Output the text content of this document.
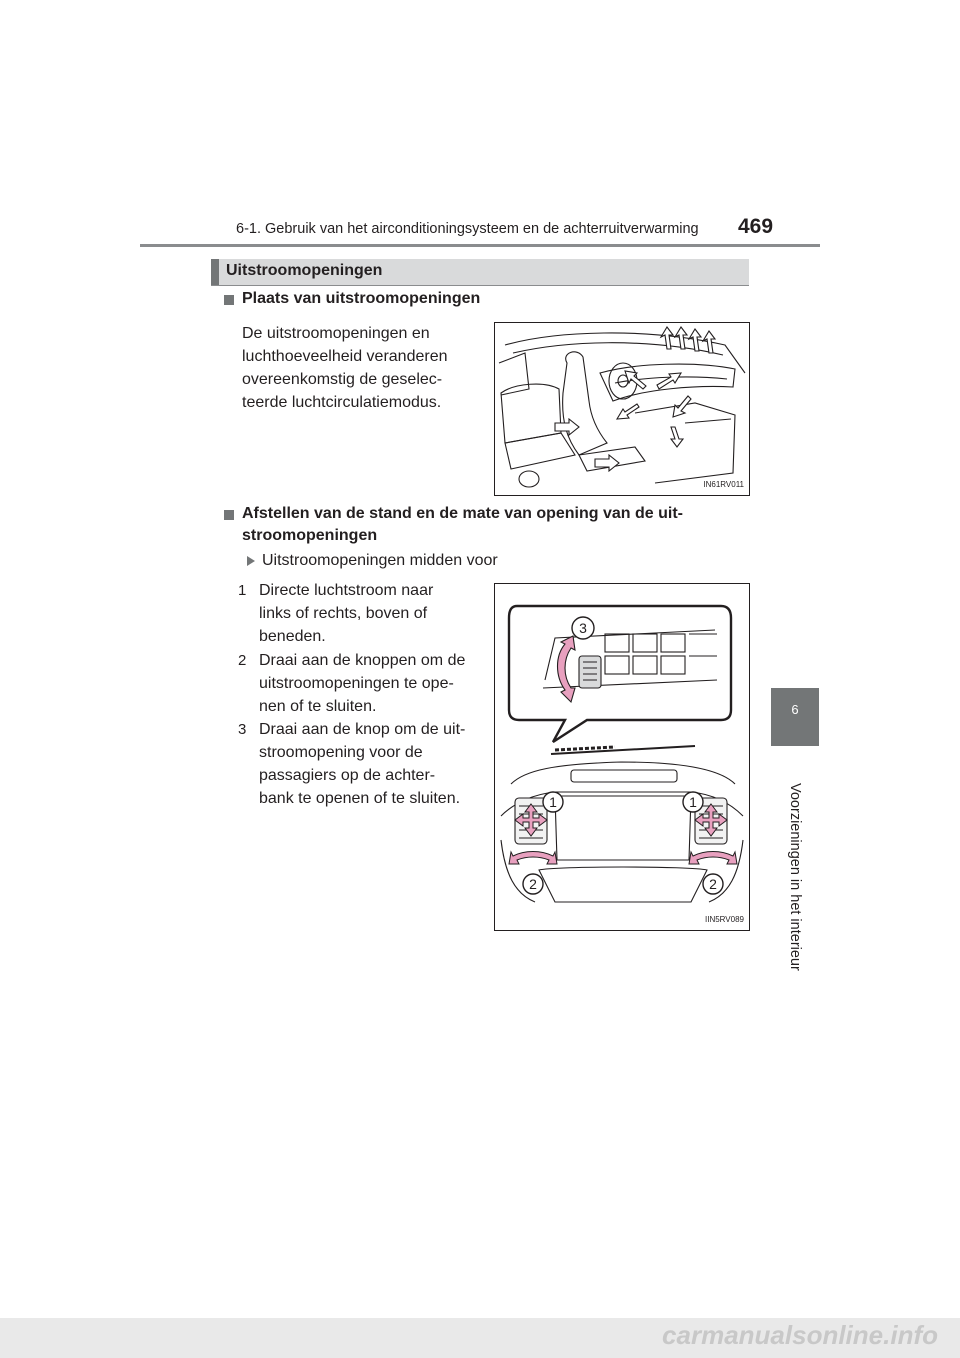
6-1. Gebruik van het airconditioningsysteem en de achterruitverwarming 469
6
Voorzieningen in het interieur
Uitstroomopeningen
Plaats van uitstroomopeningen
De uitstroomopeningen en
luchthoeveelheid veranderen
overeenkomstig de geselec-
teerde luchtcirculatiemodus.
IN61RV011
Afstellen van de stand en de mate van opening van de uit-
stroomopeningen
Uitstroomopeningen midden voor
1 Directe luchtstroom naar
links of rechts, boven of
beneden.
2 Draai aan de knoppen om de
uitstroomopeningen te ope-
nen of te sluiten.
3 Draai aan de knop om de uit-
stroomopening voor de
passagiers op de achter-
bank te openen of te sluiten.
3
1	1
2	2
IIN5RV089
carmanualsonline.info
